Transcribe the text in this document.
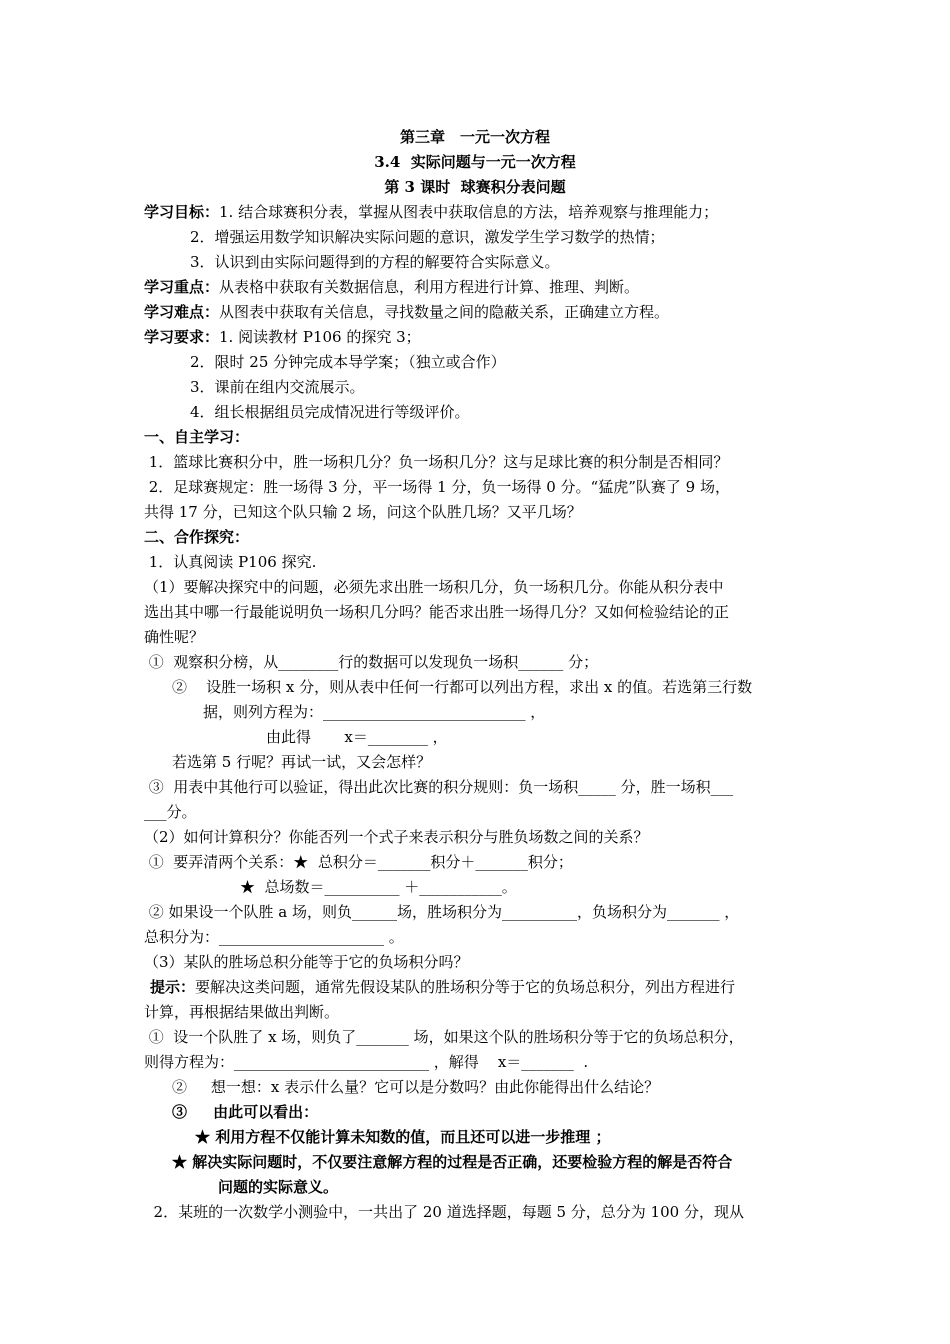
第三章　一元一次方程
3.4  实际问题与一元一次方程
第 3 课时  球赛积分表问题
学习目标：1. 结合球赛积分表，掌握从图表中获取信息的方法，培养观察与推理能力；
2．增强运用数学知识解决实际问题的意识，激发学生学习数学的热情；
3．认识到由实际问题得到的方程的解要符合实际意义。
学习重点：从表格中获取有关数据信息，利用方程进行计算、推理、判断。
学习难点：从图表中获取有关信息，寻找数量之间的隐蔽关系，正确建立方程。
学习要求：1. 阅读教材 P106 的探究 3；
2．限时 25 分钟完成本导学案；（独立或合作）
3．课前在组内交流展示。
4．组长根据组员完成情况进行等级评价。
一、自主学习：
1．篮球比赛积分中，胜一场积几分？负一场积几分？这与足球比赛的积分制是否相同？
2．足球赛规定：胜一场得 3 分，平一场得 1 分，负一场得 0 分。“猛虎”队赛了 9 场，
共得 17 分，已知这个队只输 2 场，问这个队胜几场？又平几场？
二、合作探究：
1．认真阅读 P106 探究.
（1）要解决探究中的问题，必须先求出胜一场积几分，负一场积几分。你能从积分表中
选出其中哪一行最能说明负一场积几分吗？能否求出胜一场得几分？又如何检验结论的正
确性呢？
①  观察积分榜，从________行的数据可以发现负一场积______ 分；
②    设胜一场积 x 分，则从表中任何一行都可以列出方程，求出 x 的值。若选第三行数
据，则列方程为：___________________________ ，
由此得       x＝________ ，
若选第 5 行呢？再试一试，又会怎样？
③  用表中其他行可以验证，得出此次比赛的积分规则：负一场积_____ 分，胜一场积___
___分。
（2）如何计算积分？你能否列一个式子来表示积分与胜负场数之间的关系？
①  要弄清两个关系：★  总积分＝_______积分＋_______积分；
★  总场数＝__________ ＋___________。
② 如果设一个队胜 a 场，则负______场，胜场积分为__________，负场积分为_______ ，
总积分为：______________________ 。
（3）某队的胜场总积分能等于它的负场积分吗？
提示：要解决这类问题，通常先假设某队的胜场积分等于它的负场总积分，列出方程进行
计算，再根据结果做出判断。
①  设一个队胜了 x 场，则负了_______ 场，如果这个队的胜场积分等于它的负场总积分，
则得方程为：__________________________ ，解得    x＝_______  .
②     想一想：x 表示什么量？它可以是分数吗？由此你能得出什么结论？
③     由此可以看出：
★ 利用方程不仅能计算未知数的值，而且还可以进一步推理 ；
★ 解决实际问题时，不仅要注意解方程的过程是否正确，还要检验方程的解是否符合
问题的实际意义。
2．某班的一次数学小测验中，一共出了 20 道选择题，每题 5 分，总分为 100 分，现从
